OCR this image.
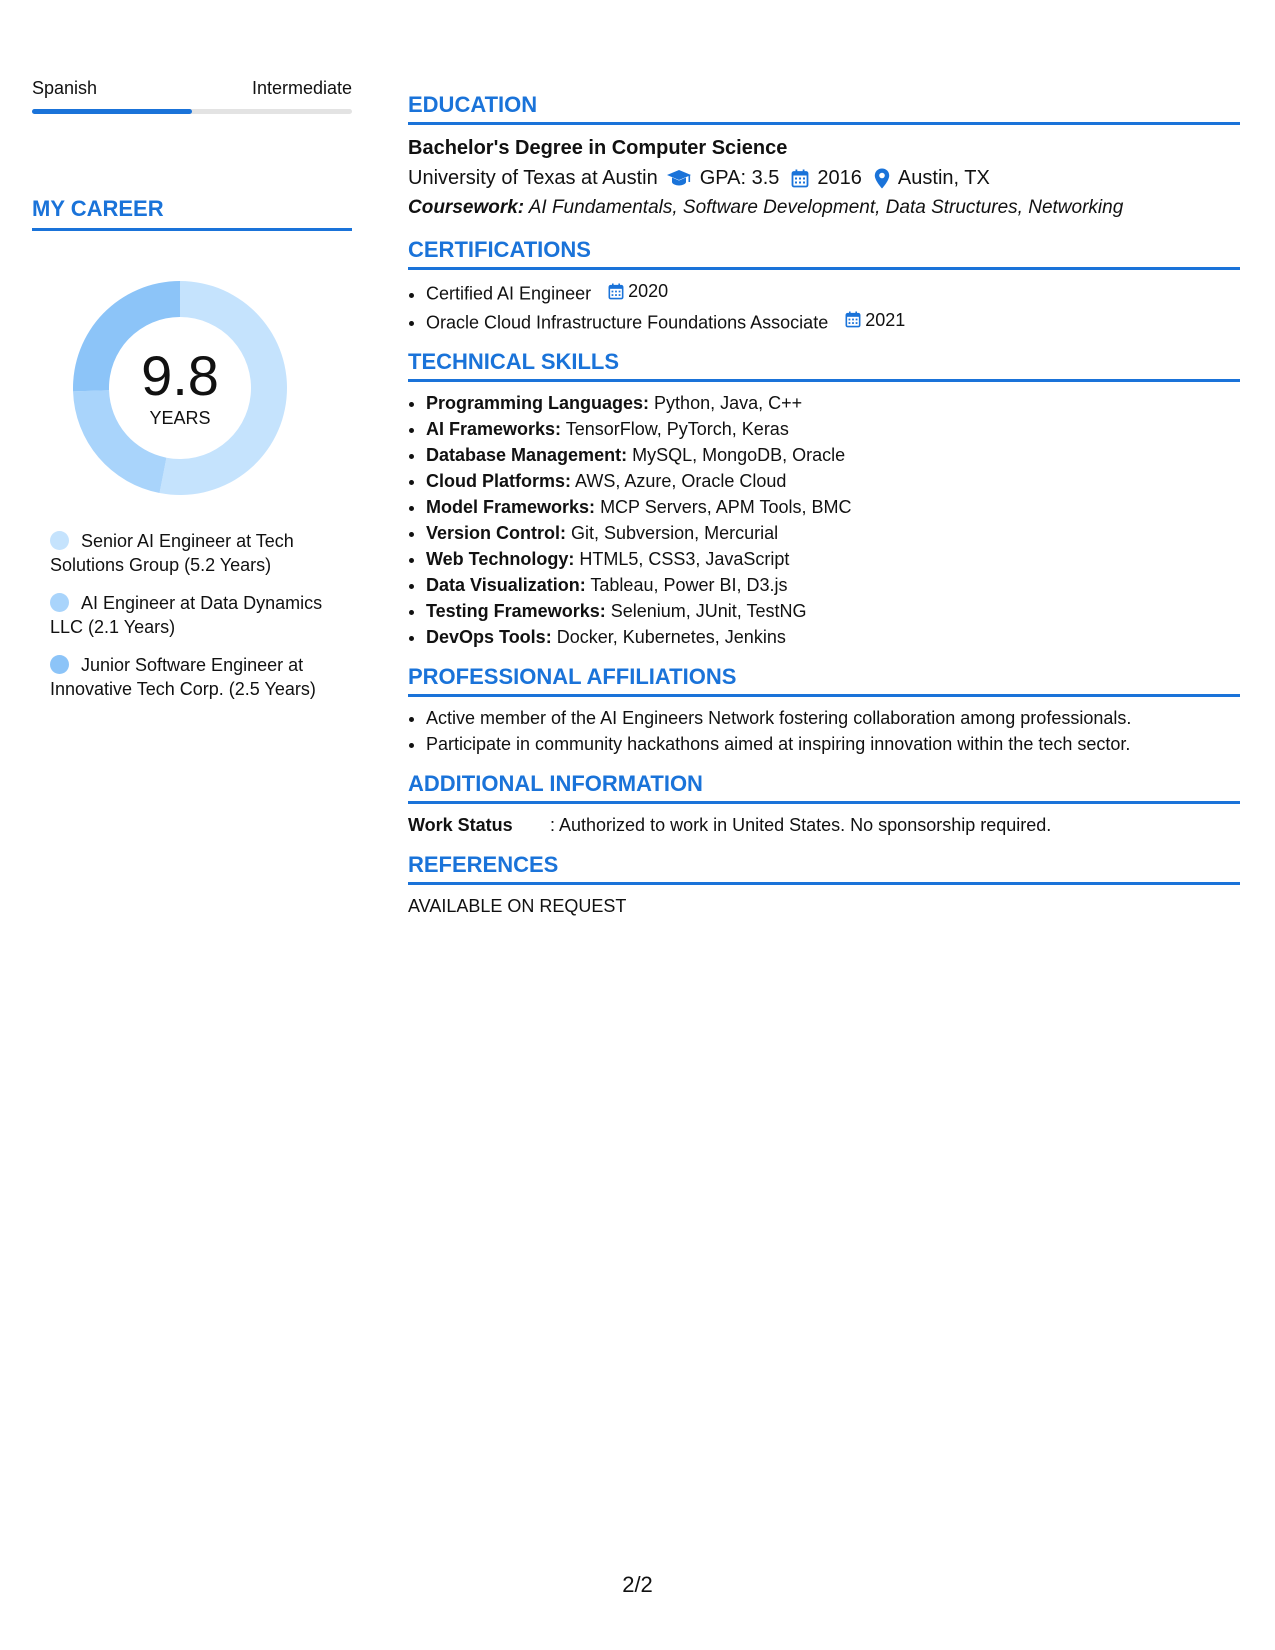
Spanish	Intermediate
MY CAREER
9.8
YEARS
Senior AI Engineer at Tech Solutions Group (5.2 Years)
AI Engineer at Data Dynamics LLC (2.1 Years)
Junior Software Engineer at Innovative Tech Corp. (2.5 Years)
EDUCATION
Bachelor's Degree in Computer Science
University of Texas at Austin GPA: 3.5 2016 Austin, TX
Coursework: AI Fundamentals, Software Development, Data Structures, Networking
CERTIFICATIONS
• Certified AI Engineer 2020
• Oracle Cloud Infrastructure Foundations Associate 2021
TECHNICAL SKILLS
• Programming Languages: Python, Java, C++
• AI Frameworks: TensorFlow, PyTorch, Keras
• Database Management: MySQL, MongoDB, Oracle
• Cloud Platforms: AWS, Azure, Oracle Cloud
• Model Frameworks: MCP Servers, APM Tools, BMC
• Version Control: Git, Subversion, Mercurial
• Web Technology: HTML5, CSS3, JavaScript
• Data Visualization: Tableau, Power BI, D3.js
• Testing Frameworks: Selenium, JUnit, TestNG
• DevOps Tools: Docker, Kubernetes, Jenkins
PROFESSIONAL AFFILIATIONS
• Active member of the AI Engineers Network fostering collaboration among professionals.
• Participate in community hackathons aimed at inspiring innovation within the tech sector.
ADDITIONAL INFORMATION
Work Status	: Authorized to work in United States. No sponsorship required.
REFERENCES
AVAILABLE ON REQUEST
2/2
